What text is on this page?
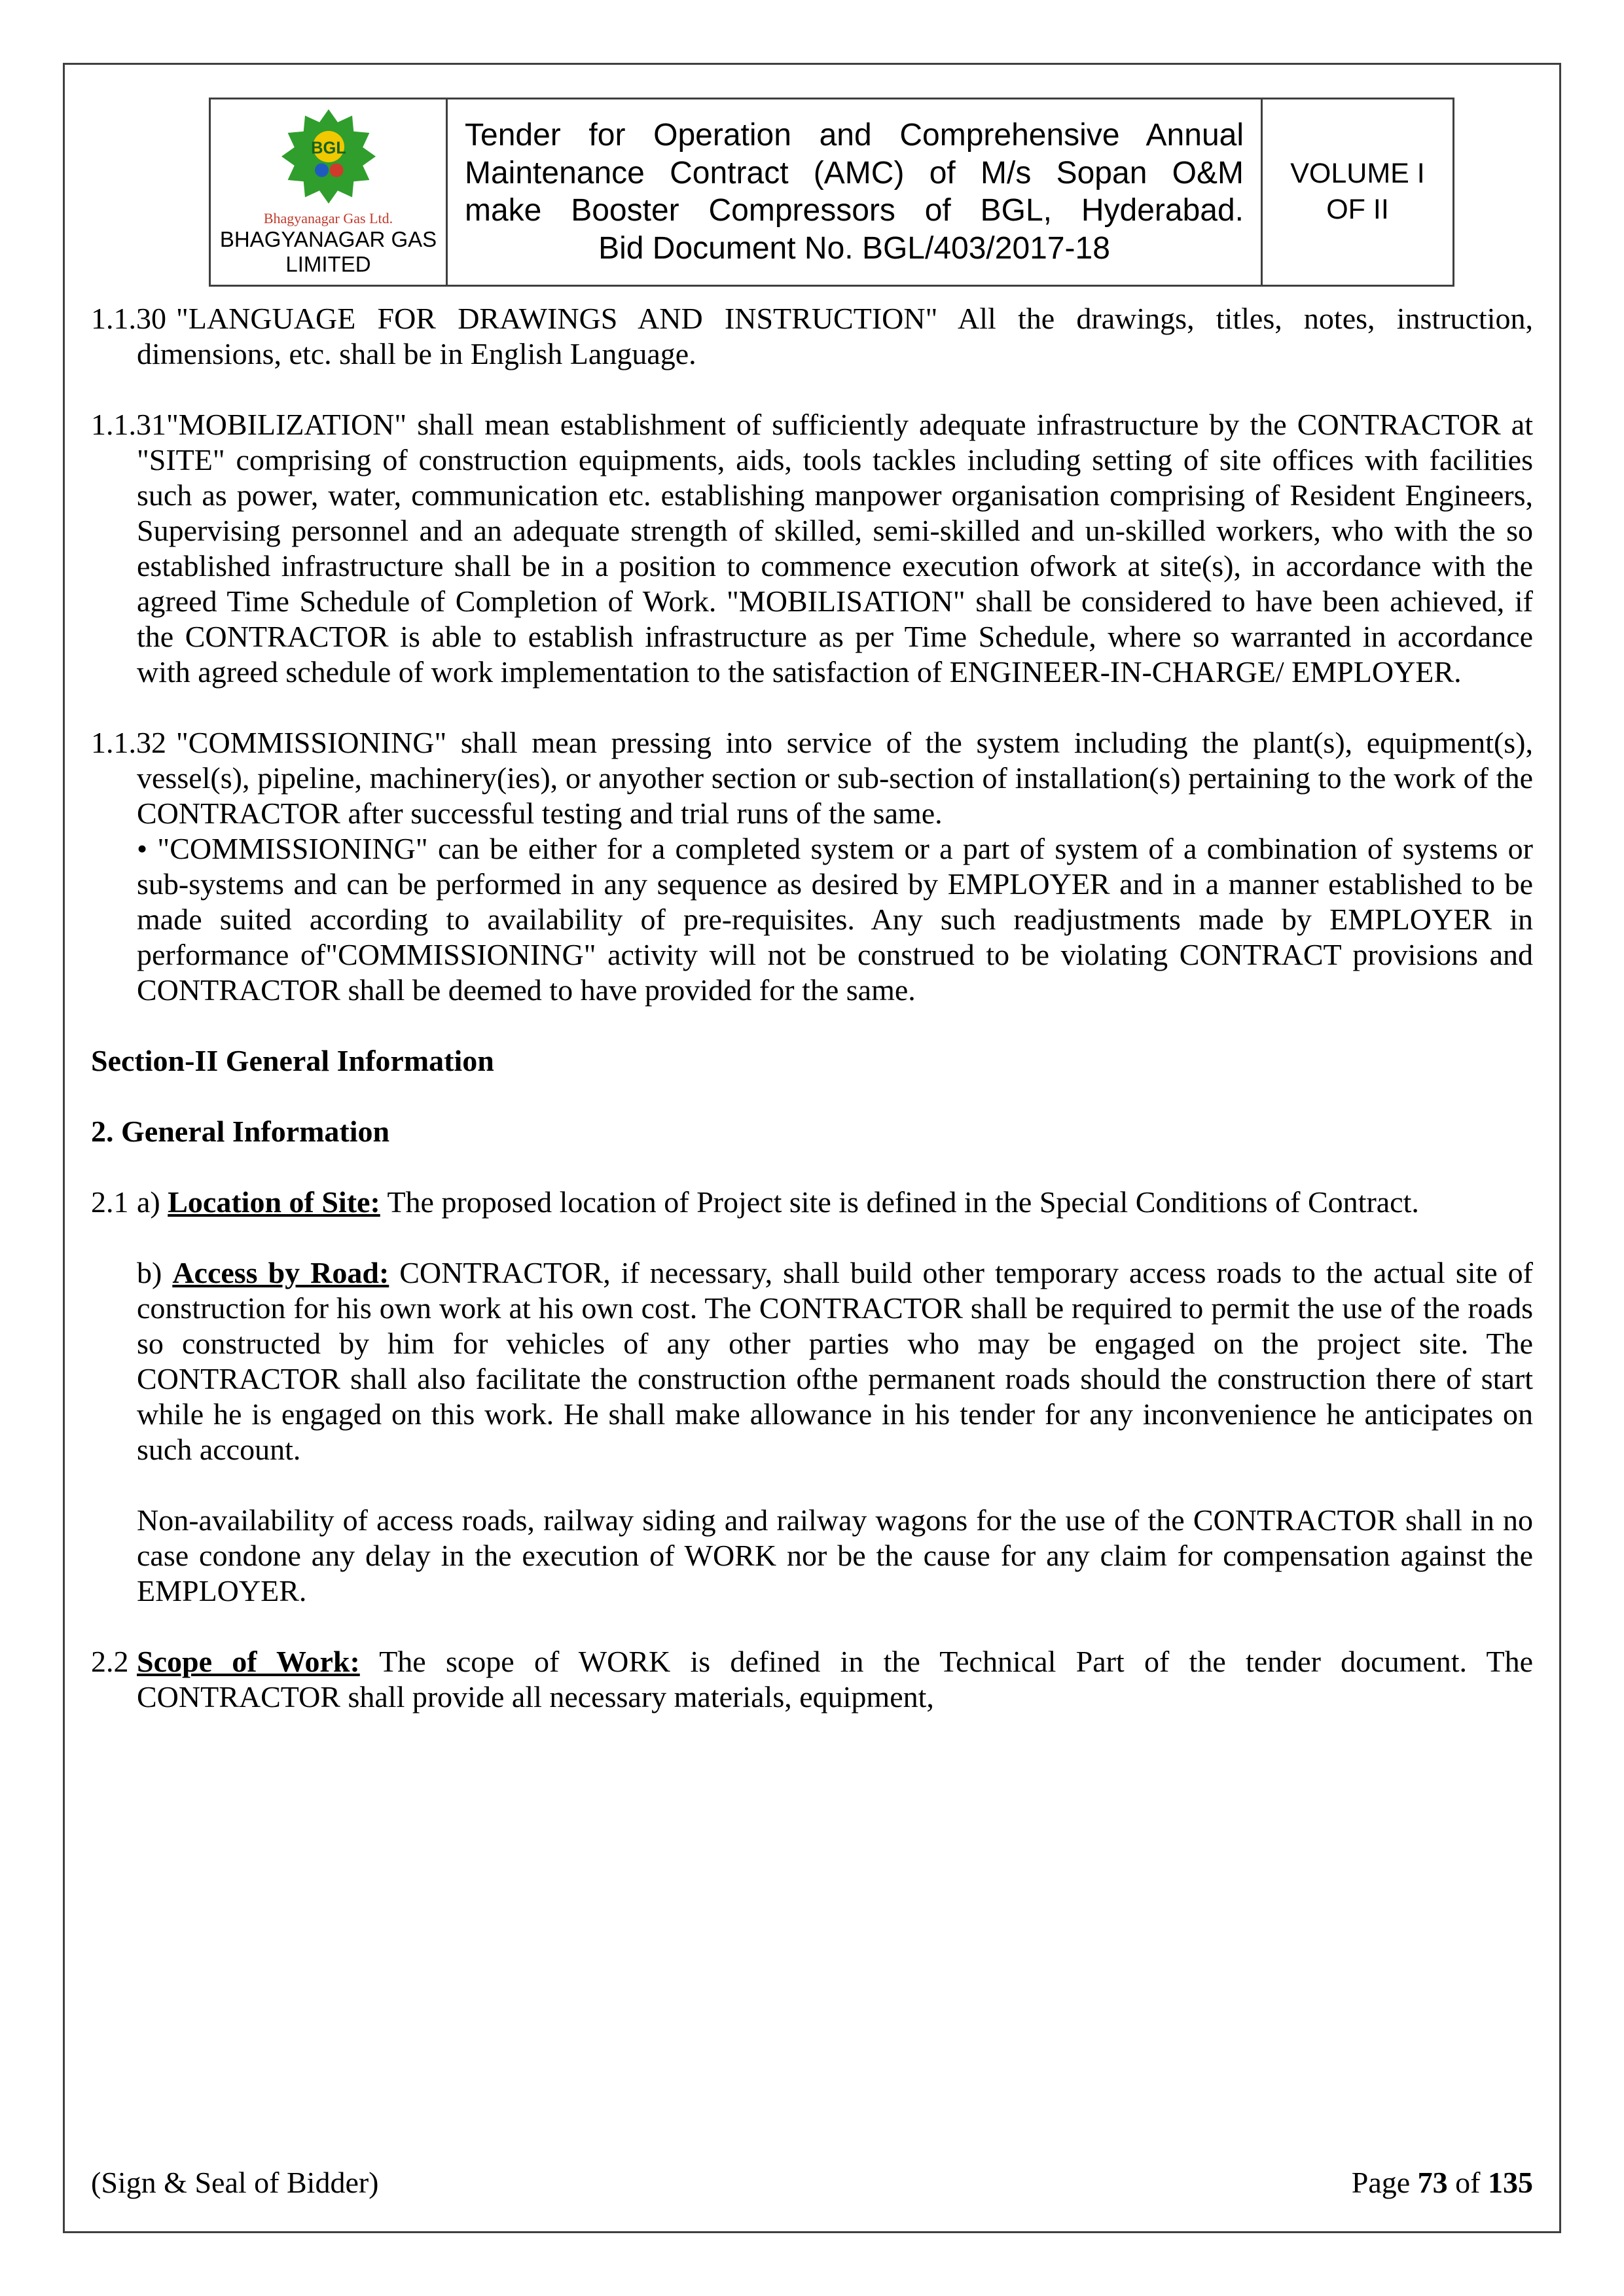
BGL
Bhagyanagar Gas Ltd.
BHAGYANAGAR GAS
LIMITED

Tender for Operation and Comprehensive Annual
Maintenance Contract (AMC) of M/s Sopan O&M
make Booster Compressors of BGL, Hyderabad.
Bid Document No. BGL/403/2017-18

VOLUME I
OF II

1.1.30 "LANGUAGE FOR DRAWINGS AND INSTRUCTION" All the drawings, titles, notes, instruction, dimensions, etc. shall be in English Language.

1.1.31"MOBILIZATION" shall mean establishment of sufficiently adequate infrastructure by the CONTRACTOR at "SITE" comprising of construction equipments, aids, tools tackles including setting of site offices with facilities such as power, water, communication etc. establishing manpower organisation comprising of Resident Engineers, Supervising personnel and an adequate strength of skilled, semi-skilled and un-skilled workers, who with the so established infrastructure shall be in a position to commence execution ofwork at site(s), in accordance with the agreed Time Schedule of Completion of Work. "MOBILISATION" shall be considered to have been achieved, if the CONTRACTOR is able to establish infrastructure as per Time Schedule, where so warranted in accordance with agreed schedule of work implementation to the satisfaction of ENGINEER-IN-CHARGE/ EMPLOYER.

1.1.32 "COMMISSIONING" shall mean pressing into service of the system including the plant(s), equipment(s), vessel(s), pipeline, machinery(ies), or anyother section or sub-section of installation(s) pertaining to the work of the CONTRACTOR after successful testing and trial runs of the same.

• "COMMISSIONING" can be either for a completed system or a part of system of a combination of systems or sub-systems and can be performed in any sequence as desired by EMPLOYER and in a manner established to be made suited according to availability of pre-requisites. Any such readjustments made by EMPLOYER in performance of"COMMISSIONING" activity will not be construed to be violating CONTRACT provisions and CONTRACTOR shall be deemed to have provided for the same.

Section-II General Information

2. General Information

2.1 a) Location of Site: The proposed location of Project site is defined in the Special Conditions of Contract.

b) Access by Road: CONTRACTOR, if necessary, shall build other temporary access roads to the actual site of construction for his own work at his own cost. The CONTRACTOR shall be required to permit the use of the roads so constructed by him for vehicles of any other parties who may be engaged on the project site. The CONTRACTOR shall also facilitate the construction ofthe permanent roads should the construction there of start while he is engaged on this work. He shall make allowance in his tender for any inconvenience he anticipates on such account.

Non-availability of access roads, railway siding and railway wagons for the use of the CONTRACTOR shall in no case condone any delay in the execution of WORK nor be the cause for any claim for compensation against the EMPLOYER.

2.2 Scope of Work: The scope of WORK is defined in the Technical Part of the tender document. The CONTRACTOR shall provide all necessary materials, equipment,

(Sign & Seal of Bidder)	Page 73 of 135
